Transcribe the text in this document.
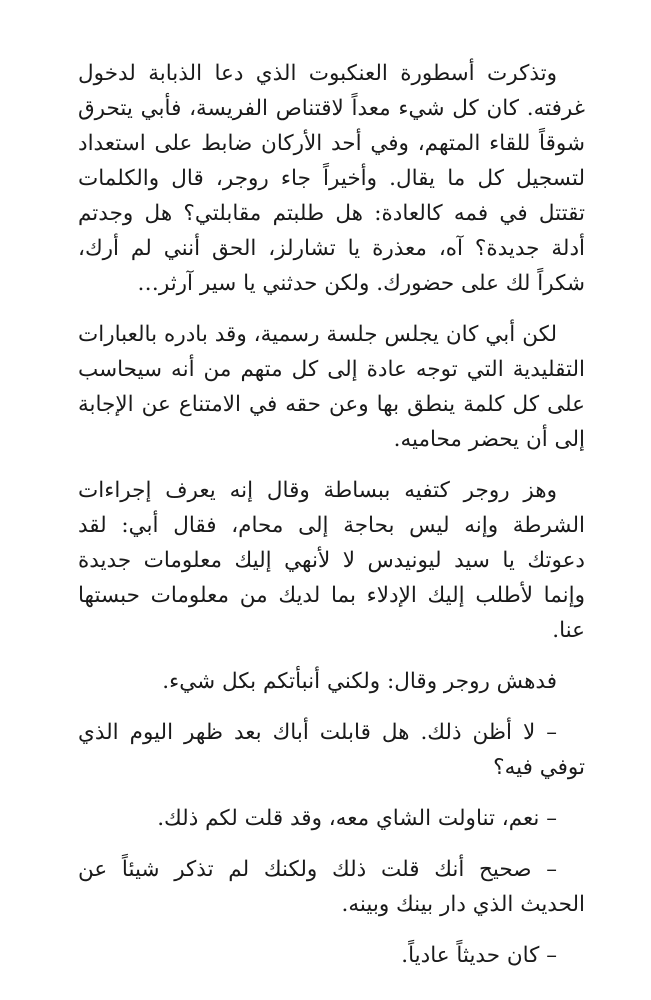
وتذكرت أسطورة العنكبوت الذي دعا الذبابة لدخول غرفته. كان كل شيء معداً لاقتناص الفريسة، فأبي يتحرق شوقاً للقاء المتهم، وفي أحد الأركان ضابط على استعداد لتسجيل كل ما يقال. وأخيراً جاء روجر، قال والكلمات تقتتل في فمه كالعادة: هل طلبتم مقابلتي؟ هل وجدتم أدلة جديدة؟ آه، معذرة يا تشارلز، الحق أنني لم أرك، شكراً لك على حضورك. ولكن حدثني يا سير آرثر…

لكن أبي كان يجلس جلسة رسمية، وقد بادره بالعبارات التقليدية التي توجه عادة إلى كل متهم من أنه سيحاسب على كل كلمة ينطق بها وعن حقه في الامتناع عن الإجابة إلى أن يحضر محاميه.

وهز روجر كتفيه ببساطة وقال إنه يعرف إجراءات الشرطة وإنه ليس بحاجة إلى محام، فقال أبي: لقد دعوتك يا سيد ليونيدس لا لأنهي إليك معلومات جديدة وإنما لأطلب إليك الإدلاء بما لديك من معلومات حبستها عنا.

فدهش روجر وقال: ولكني أنبأتكم بكل شيء.

– لا أظن ذلك. هل قابلت أباك بعد ظهر اليوم الذي توفي فيه؟

– نعم، تناولت الشاي معه، وقد قلت لكم ذلك.

– صحيح أنك قلت ذلك ولكنك لم تذكر شيئاً عن الحديث الذي دار بينك وبينه.

– كان حديثاً عادياً.
